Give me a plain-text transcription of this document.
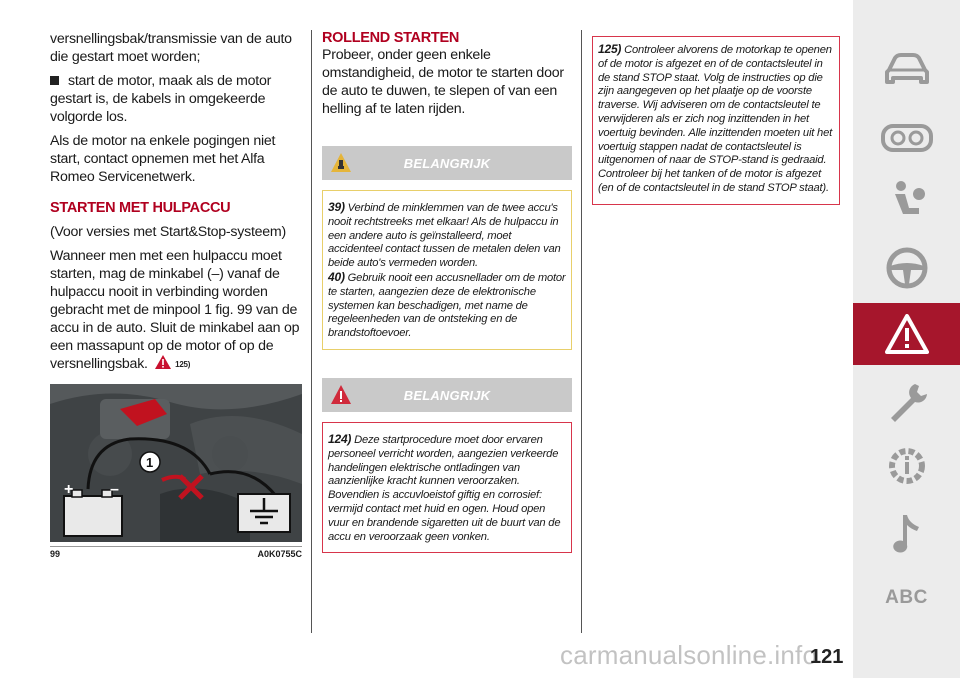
versnellingsbak/transmissie van de auto die gestart moet worden;

start de motor, maak als de motor gestart is, de kabels in omgekeerde volgorde los.

Als de motor na enkele pogingen niet start, contact opnemen met het Alfa Romeo Servicenetwerk.

STARTEN MET HULPACCU

(Voor versies met Start&Stop-systeem)

Wanneer men met een hulpaccu moet starten, mag de minkabel (–) vanaf de hulpaccu nooit in verbinding worden gebracht met de minpool 1 fig. 99 van de accu in de auto. Sluit de minkabel aan op een massapunt op de motor of op de versnellingsbak.	125)

+ –
1
99	A0K0755C
ROLLEND STARTEN

Probeer, onder geen enkele omstandigheid, de motor te starten door de auto te duwen, te slepen of van een helling af te laten rijden.

BELANGRIJK

39) Verbind de minklemmen van de twee accu's nooit rechtstreeks met elkaar! Als de hulpaccu in een andere auto is geïnstalleerd, moet accidenteel contact tussen de metalen delen van beide auto's vermeden worden.

40) Gebruik nooit een accusnellader om de motor te starten, aangezien deze de elektronische systemen kan beschadigen, met name de regeleenheden van de ontsteking en de brandstoftoevoer.

BELANGRIJK

124) Deze startprocedure moet door ervaren personeel verricht worden, aangezien verkeerde handelingen elektrische ontladingen van aanzienlijke kracht kunnen veroorzaken. Bovendien is accuvloeistof giftig en corrosief: vermijd contact met huid en ogen. Houd open vuur en brandende sigaretten uit de buurt van de accu en veroorzaak geen vonken.

125) Controleer alvorens de motorkap te openen of de motor is afgezet en of de contactsleutel in de stand STOP staat. Volg de instructies op die zijn aangegeven op het plaatje op de voorste traverse. Wij adviseren om de contactsleutel te verwijderen als er zich nog inzittenden in het voertuig bevinden. Alle inzittenden moeten uit het voertuig stappen nadat de contactsleutel is uitgenomen of naar de STOP-stand is gedraaid. Controleer bij het tanken of de motor is afgezet (en of de contactsleutel in de stand STOP staat).

ABC
carmanualsonline.info
121
